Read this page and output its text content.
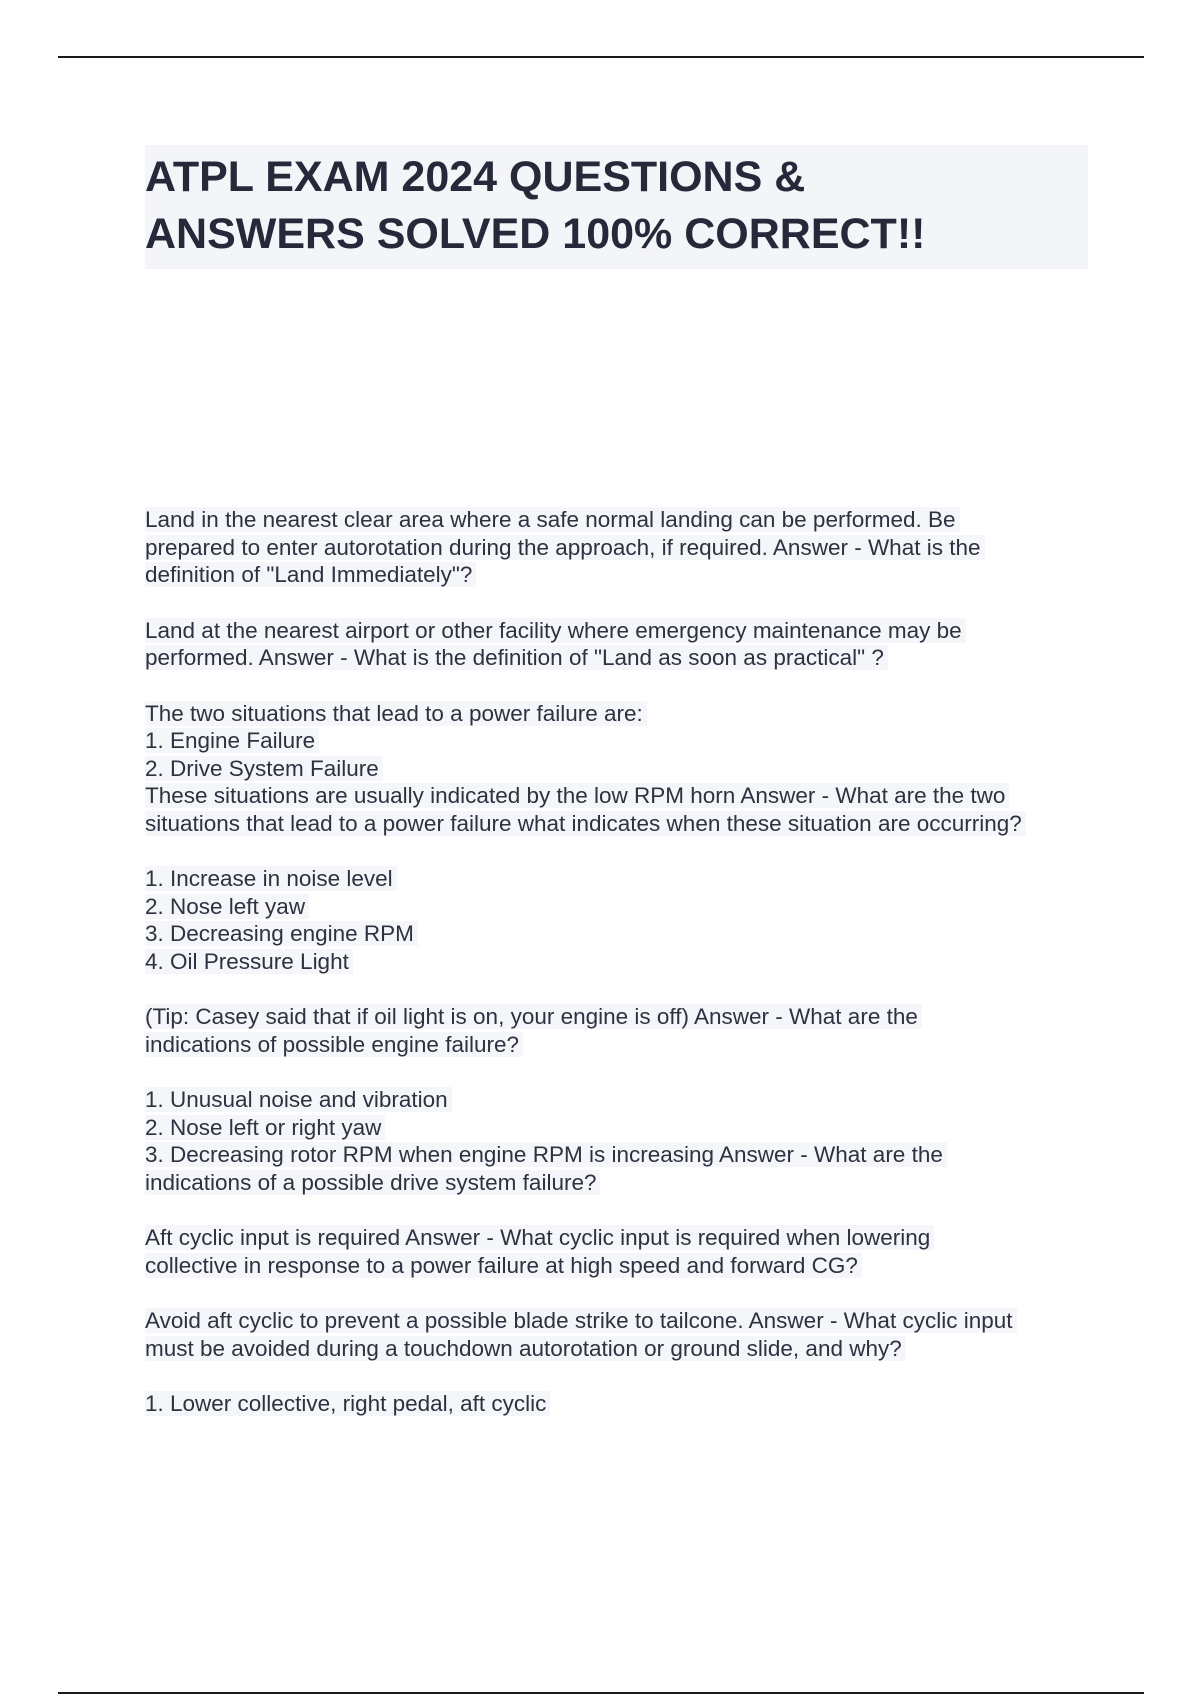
ATPL EXAM 2024 QUESTIONS &
ANSWERS SOLVED 100% CORRECT!!
Land in the nearest clear area where a safe normal landing can be performed. Be
prepared to enter autorotation during the approach, if required. Answer - What is the
definition of "Land Immediately"?
Land at the nearest airport or other facility where emergency maintenance may be
performed. Answer - What is the definition of "Land as soon as practical" ?
The two situations that lead to a power failure are:
1. Engine Failure
2. Drive System Failure
These situations are usually indicated by the low RPM horn Answer - What are the two
situations that lead to a power failure what indicates when these situation are occurring?
1. Increase in noise level
2. Nose left yaw
3. Decreasing engine RPM
4. Oil Pressure Light
(Tip: Casey said that if oil light is on, your engine is off) Answer - What are the
indications of possible engine failure?
1. Unusual noise and vibration
2. Nose left or right yaw
3. Decreasing rotor RPM when engine RPM is increasing Answer - What are the
indications of a possible drive system failure?
Aft cyclic input is required Answer - What cyclic input is required when lowering
collective in response to a power failure at high speed and forward CG?
Avoid aft cyclic to prevent a possible blade strike to tailcone. Answer - What cyclic input
must be avoided during a touchdown autorotation or ground slide, and why?
1. Lower collective, right pedal, aft cyclic
